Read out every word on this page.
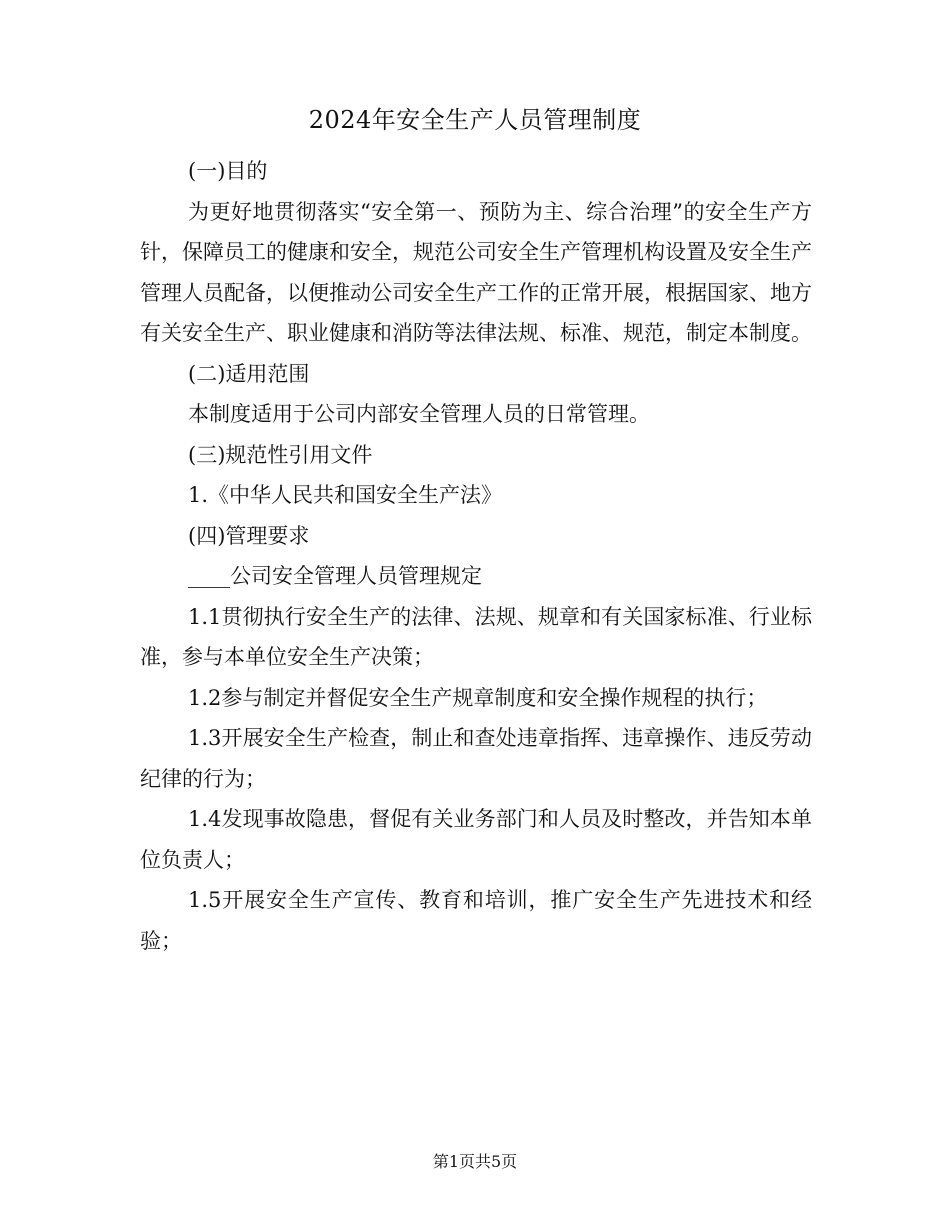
2024年安全生产人员管理制度

(一)目的

为更好地贯彻落实“安全第一、预防为主、综合治理”的安全生产方针，保障员工的健康和安全，规范公司安全生产管理机构设置及安全生产管理人员配备，以便推动公司安全生产工作的正常开展，根据国家、地方有关安全生产、职业健康和消防等法律法规、标准、规范，制定本制度。

(二)适用范围

本制度适用于公司内部安全管理人员的日常管理。

(三)规范性引用文件

1.《中华人民共和国安全生产法》

(四)管理要求

____公司安全管理人员管理规定

1.1贯彻执行安全生产的法律、法规、规章和有关国家标准、行业标准，参与本单位安全生产决策；

1.2参与制定并督促安全生产规章制度和安全操作规程的执行；

1.3开展安全生产检查，制止和查处违章指挥、违章操作、违反劳动纪律的行为；

1.4发现事故隐患，督促有关业务部门和人员及时整改，并告知本单位负责人；

1.5开展安全生产宣传、教育和培训，推广安全生产先进技术和经验；

第1页共5页
